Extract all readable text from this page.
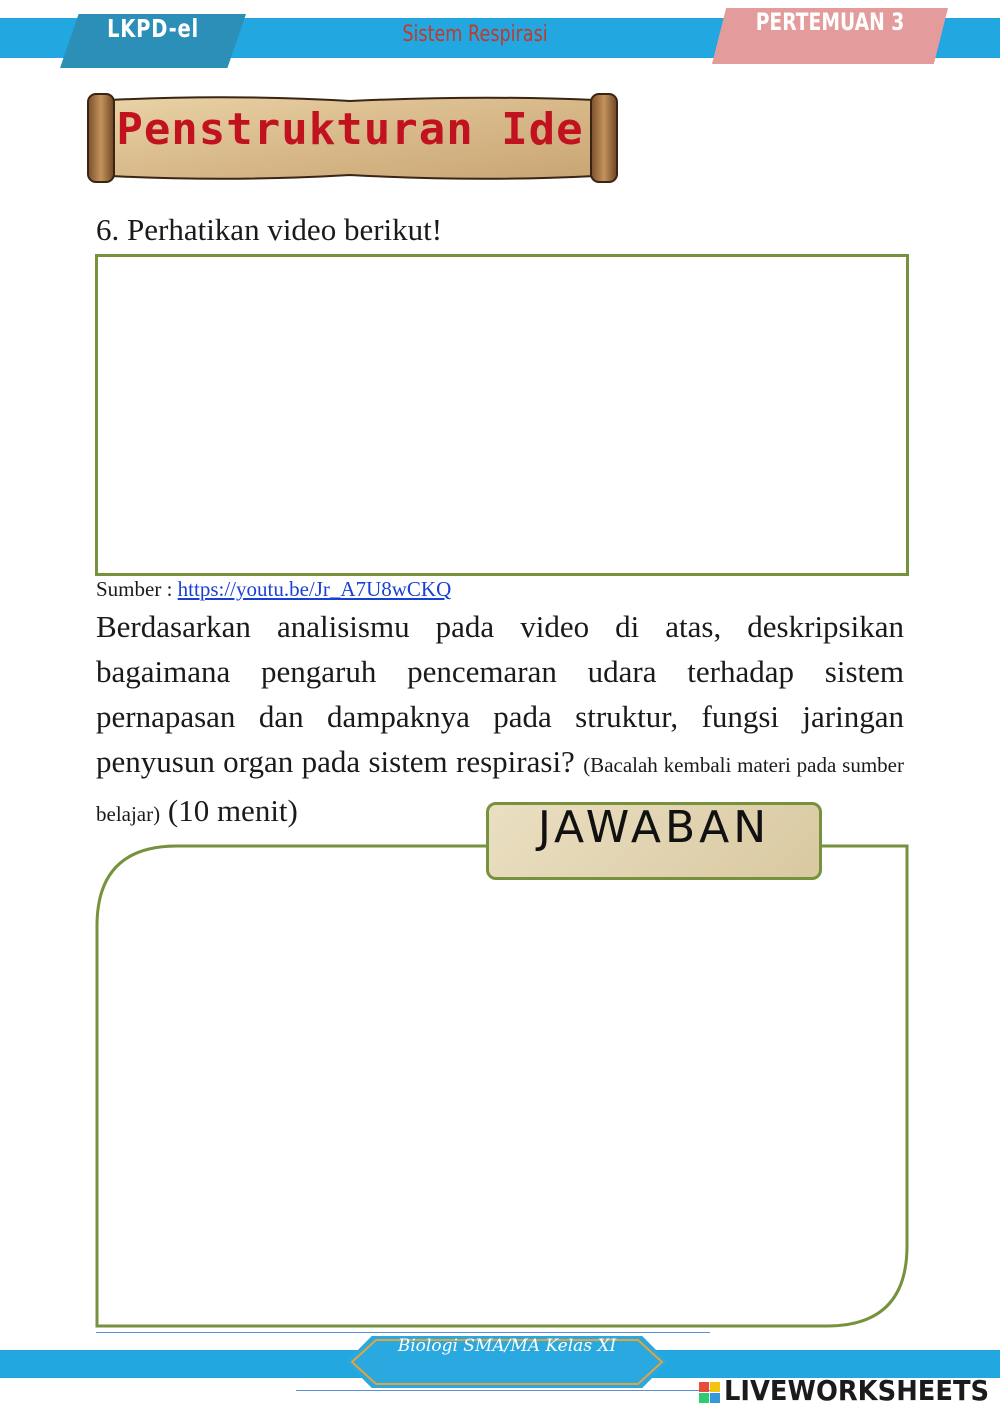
LKPD-el	Sistem Respirasi	PERTEMUAN 3
Penstrukturan Ide
6. Perhatikan video berikut!
Sumber : https://youtu.be/Jr_A7U8wCKQ
Berdasarkan analisismu pada video di atas, deskripsikan bagaimana pengaruh pencemaran udara terhadap sistem pernapasan dan dampaknya pada struktur, fungsi jaringan penyusun organ pada sistem respirasi? (Bacalah kembali materi pada sumber belajar) (10 menit)	JAWABAN
Biologi SMA/MA Kelas XI
LIVEWORKSHEETS
